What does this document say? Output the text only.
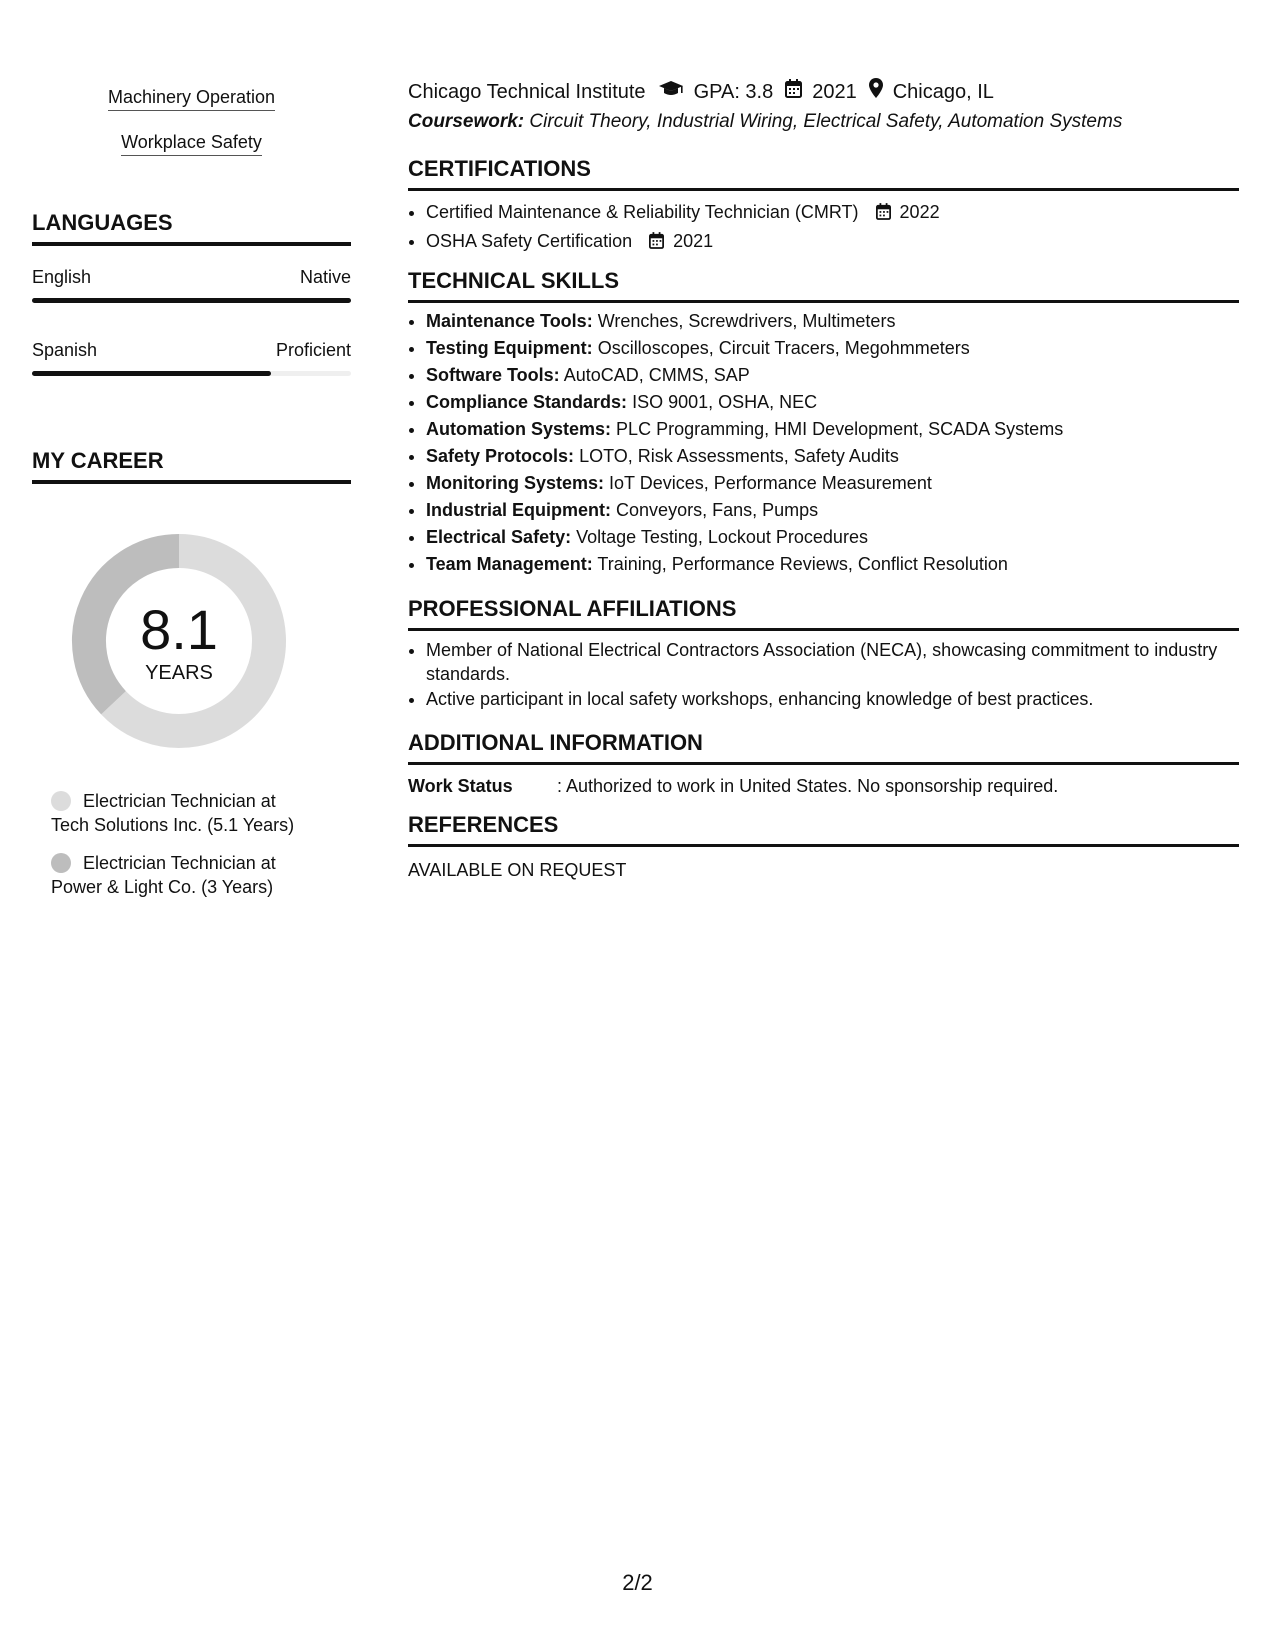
Machinery Operation
Workplace Safety
LANGUAGES
English	Native
Spanish	Proficient
MY CAREER
8.1
YEARS
Electrician Technician at
Tech Solutions Inc. (5.1 Years)
Electrician Technician at
Power & Light Co. (3 Years)
Chicago Technical Institute GPA: 3.8 2021 Chicago, IL
Coursework: Circuit Theory, Industrial Wiring, Electrical Safety, Automation Systems
CERTIFICATIONS
• Certified Maintenance & Reliability Technician (CMRT) 2022
• OSHA Safety Certification 2021
TECHNICAL SKILLS
• Maintenance Tools: Wrenches, Screwdrivers, Multimeters
• Testing Equipment: Oscilloscopes, Circuit Tracers, Megohmmeters
• Software Tools: AutoCAD, CMMS, SAP
• Compliance Standards: ISO 9001, OSHA, NEC
• Automation Systems: PLC Programming, HMI Development, SCADA Systems
• Safety Protocols: LOTO, Risk Assessments, Safety Audits
• Monitoring Systems: IoT Devices, Performance Measurement
• Industrial Equipment: Conveyors, Fans, Pumps
• Electrical Safety: Voltage Testing, Lockout Procedures
• Team Management: Training, Performance Reviews, Conflict Resolution
PROFESSIONAL AFFILIATIONS
• Member of National Electrical Contractors Association (NECA), showcasing commitment to industry standards.
• Active participant in local safety workshops, enhancing knowledge of best practices.
ADDITIONAL INFORMATION
Work Status	: Authorized to work in United States. No sponsorship required.
REFERENCES
AVAILABLE ON REQUEST
2/2
